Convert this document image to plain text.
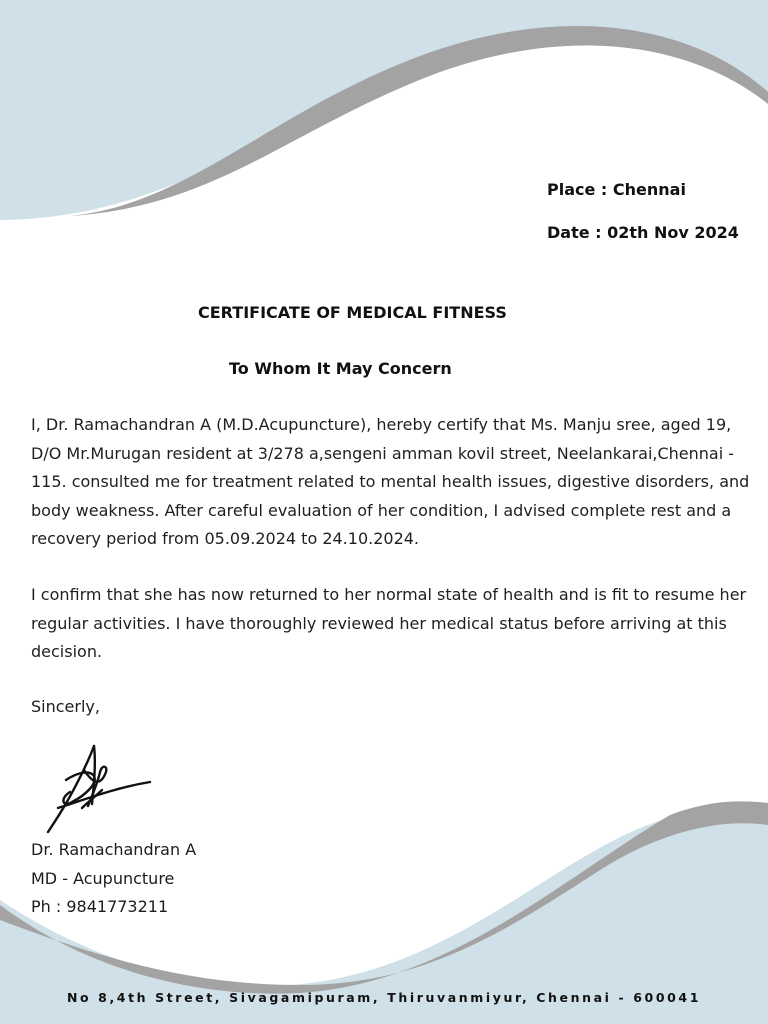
Place : Chennai
Date : 02th Nov 2024
CERTIFICATE OF MEDICAL FITNESS
To Whom It May Concern

I, Dr. Ramachandran A (M.D.Acupuncture), hereby certify that Ms. Manju sree, aged 19, D/O Mr.Murugan resident at 3/278 a,sengeni amman kovil street, Neelankarai,Chennai - 115. consulted me for treatment related to mental health issues, digestive disorders, and body weakness. After careful evaluation of her condition, I advised complete rest and a recovery period from 05.09.2024 to 24.10.2024.

I confirm that she has now returned to her normal state of health and is fit to resume her regular activities. I have thoroughly reviewed her medical status before arriving at this decision.

Sincerly,
Dr. Ramachandran A
MD - Acupuncture
Ph : 9841773211
No 8,4th Street, Sivagamipuram, Thiruvanmiyur, Chennai - 600041
